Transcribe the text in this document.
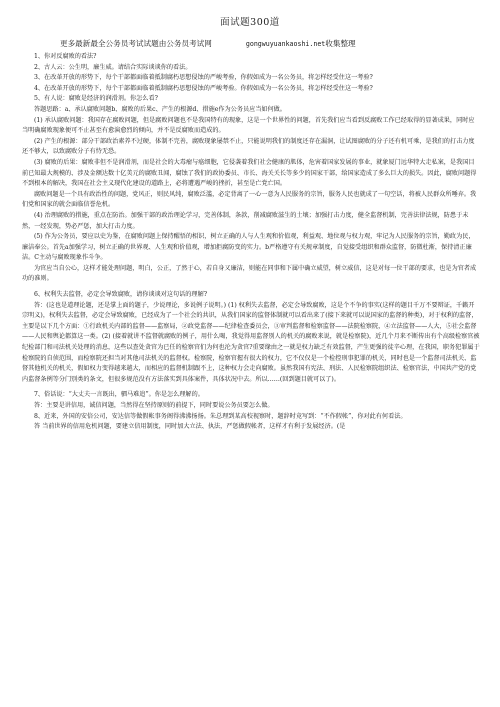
面试题300道
更多最新最全公务员考试试题由公务员考试网	gongwuyuankaoshi.net收集整理

1、你对反腐败的看法?

2、古人云：公生明，廉生威。请结合实际谈谈你的看法。

3、在改革开放的形势下，每个干部都面临着抵制腐朽思想侵蚀的严峻考验，你假如成为一名公务员，将怎样经受住这一考验?

4、在改革开放的形势下，每个干部都面临着抵制腐朽思想侵蚀的严峻考验。你假如成为一名公务员，将怎样经受住这一考验?

5、有人说：腐败是经济的润滑剂。你怎么看?

答题思路：a、承认腐败问题b、腐败的后果c、产生的根源d、措施e作为公务员应当如何做。

(1) 承认腐败问题：我国存在腐败问题，但是腐败问题也不是我国特有的现象，这是一个世界性的问题，首先我们应当看到反腐败工作已经取得的显著成果，同时应当明确腐败现象便可不止甚至有愈演愈烈的倾向，并不是反腐败而造成的。

(2) 产生的根源：部分干部政治素养不过硬，体制不完善，腐败现象屡禁不止，只能说明我们的制度还存在漏洞，让试图腐败的分子还有机可乘，是我们的打击力度还不够大，以致腐败分子有恃无恐。

(3) 腐败的后果：腐败非但不是润滑剂，而是社会的大毒瘤与癌细胞，它侵袭着我们社会健康的肌体，危害着国家发展的事业，就象厦门远华特大走私案，是我国目前已知最大规模的、涉及金额达数十亿美元的腐败丑闻，腐蚀了我们的政协委员、市长、海关关长等多少的国家干部，给国家造成了多么巨大的损失。因此，腐败问题得不到根本的解决，我国在社会主义现代化建设的道路上，必将遭遇严峻的挫折，甚至是亡党亡国。

腐败问题是一个具有政治性的问题，党风正，则民风纯，腐败泛滥，必定背离了一心一意为人民服务的宗旨，服务人民也就成了一句空话，将被人民群众所唾弃。我们党和国家的就会面临信誉危机。

(4) 治理腐败的措施，重点在防治。加强干部的政治理论学习，完善体制，条款，削减腐败滋生的土壤；加强打击力度，健全监督机制，完善法律法规，防患于未然，一经发现，势必严惩，加大打击力度。

(5) 作为公务员，要应以史为鉴，在腐败问题上保持醒悟的相识，树立正确的人与人生观和价值观，利益观、地位观与权力观，牢记为人民服务的宗旨，勤政为民，廉洁奉公。首先a加强学习，树立正确的世界观、人生观和价值观，增加拒腐防变的实力。b严格遵守有关规章制度，自觉接受组织和群众监督，防微杜渐，保持清正廉洁。C主动与腐败现象作斗争。

为官应当自公心，这样才能处理问题，明白，公正，了然于心，若自身又廉洁，则能在同事和下属中确立威望，树立威信，这是对每一位干部的要求，也是为官者成功的准则。

6、权利失去监督，必定会导致腐败，请你谈谈对这句话的理解?

答：(这也是道理论题，还是掌上面的题子，少说理论，多说例子说明。) (1) 权利失去监督，必定会导致腐败，这是个不争的事实(这样的题目千万不要辩证，千籁开宗明义)，权利失去监督，必定会导致腐败，已经成为了一个社会的共识，从我们国家的监督体制就可以看出来了(接下来就可以说国家的监督的种类)，对于权利的监督，主要是以下几个方面：①行政机关内部的监督——监察局，②政党监督——纪律检查委员会，③审判监督和检察监督——法院检察院，④立法监督——人大，⑤社会监督——人民和舆论都算这一类。(2) (接着就讲不监督就腐败的例子，用什么喝，我觉得用监督别人的机关的腐败来说，就是检察院)，近几个月来不断传出有个高级检察官被纪检部门和司法机关处理的消息，这些以查处贪官为已任的检察官们为何也沦为贪官?重要缘由之一就是权力缺乏有效监督，产生更强的徒辛心理，在我国，职务犯罪属于检察院的自侦范围，而检察院还担当对其他司法机关的监督权。检察院，检察官握有很大的权力，它不仅仅是一个检控刑事犯罪的机关，同时也是一个监督司法机关、监督其他机关的机关，假如权力变得越来越大，而相应的监督机制跟不上，这种权力会走向腐败。虽然我国有宪法、刑法、人民检察院组织法、检察官法，中国共产党的党内监督条例等分门别类的条文，但很多规范没有方法落实到具体案件，具体状况中去。所以……(回到题目就可以了)。

7、俗话说：“大丈夫一言既出，驷马难追”。你是怎么理解的。

答：主要是讲信用，诚信问题，当然得在坚持原则的前提下，同时要说公务员要怎么做。

8、近来，外国的安倍公司，安达信等做假帐事务阁得沸沸扬扬。朱总理到某高校视察时，题辞时竟写到：“不作假帐”，你对此有何看法。

答 当前世界的信用危机问题，要建立信用制度，同时加大立法、执法，严惩做假帐者，这样才有利于发展经济。(是
